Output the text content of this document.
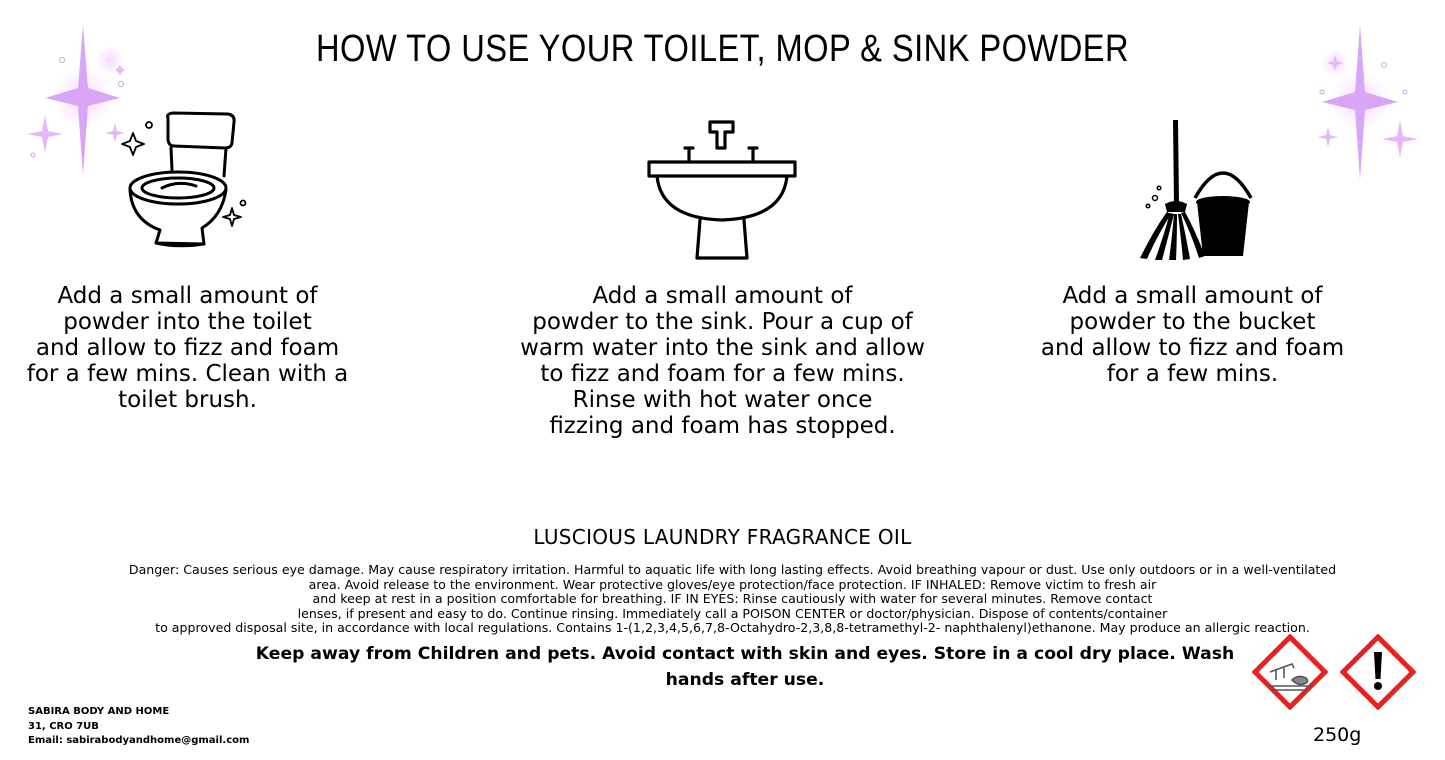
HOW TO USE YOUR TOILET, MOP & SINK POWDER
Add a small amount of
powder into the toilet
and allow to fizz and foam
for a few mins. Clean with a
toilet brush.
Add a small amount of
powder to the sink. Pour a cup of
warm water into the sink and allow
to fizz and foam for a few mins.
Rinse with hot water once
fizzing and foam has stopped.
Add a small amount of
powder to the bucket
and allow to fizz and foam
for a few mins.
LUSCIOUS LAUNDRY FRAGRANCE OIL
Danger: Causes serious eye damage. May cause respiratory irritation. Harmful to aquatic life with long lasting effects. Avoid breathing vapour or dust. Use only outdoors or in a well-ventilated
area. Avoid release to the environment. Wear protective gloves/eye protection/face protection. IF INHALED: Remove victim to fresh air
and keep at rest in a position comfortable for breathing. IF IN EYES: Rinse cautiously with water for several minutes. Remove contact
lenses, if present and easy to do. Continue rinsing. Immediately call a POISON CENTER or doctor/physician. Dispose of contents/container
to approved disposal site, in accordance with local regulations. Contains 1-(1,2,3,4,5,6,7,8-Octahydro-2,3,8,8-tetramethyl-2- naphthalenyl)ethanone. May produce an allergic reaction.
Keep away from Children and pets. Avoid contact with skin and eyes. Store in a cool dry place. Wash
hands after use.
SABIRA BODY AND HOME
31, CRO 7UB
Email: sabirabodyandhome@gmail.com	250g
